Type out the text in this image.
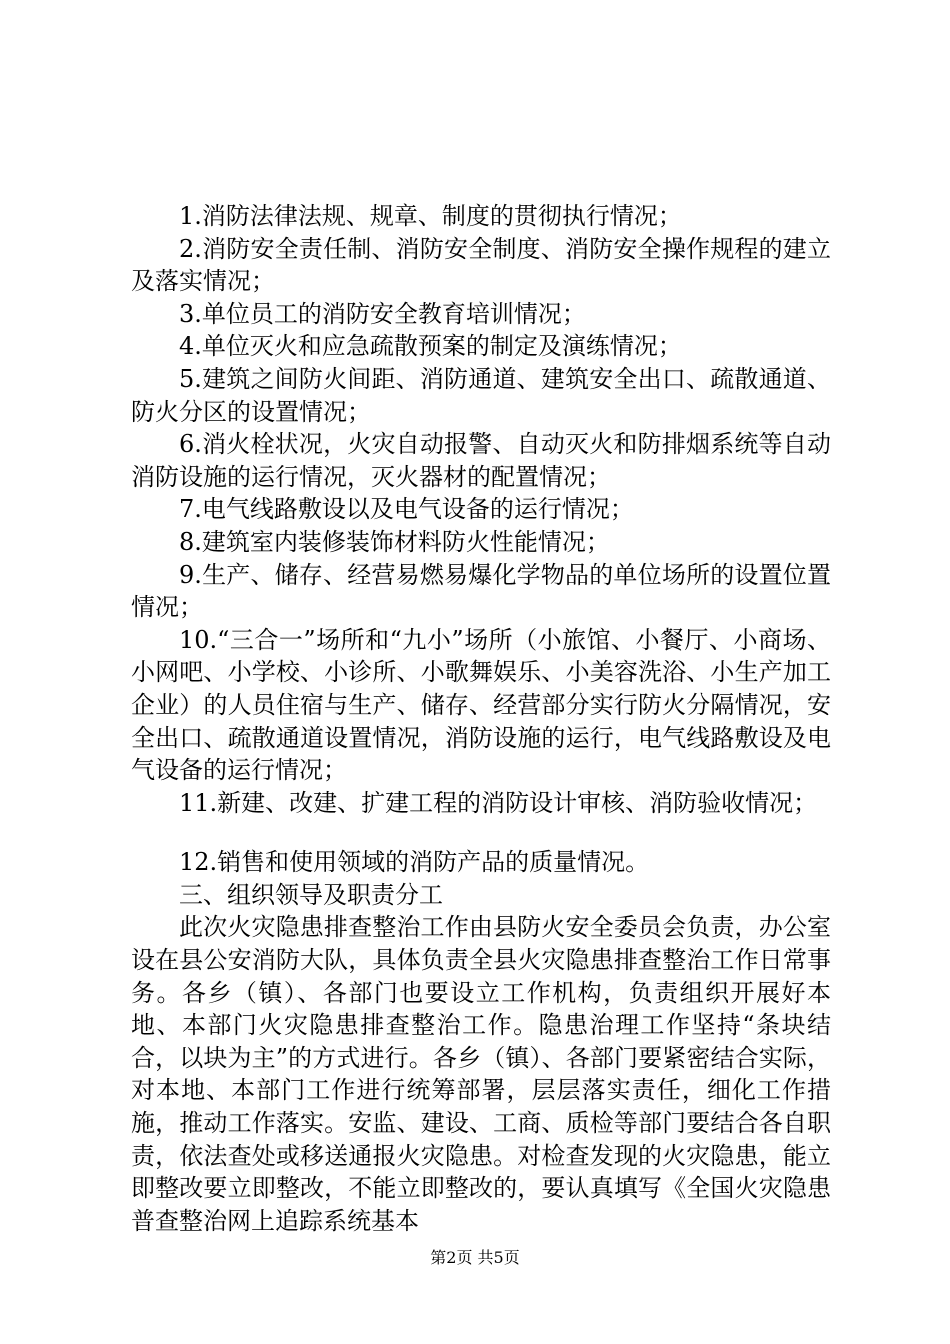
1.消防法律法规、规章、制度的贯彻执行情况；

2.消防安全责任制、消防安全制度、消防安全操作规程的建立及落实情况；

3.单位员工的消防安全教育培训情况；

4.单位灭火和应急疏散预案的制定及演练情况；

5.建筑之间防火间距、消防通道、建筑安全出口、疏散通道、防火分区的设置情况；

6.消火栓状况，火灾自动报警、自动灭火和防排烟系统等自动消防设施的运行情况，灭火器材的配置情况；

7.电气线路敷设以及电气设备的运行情况；

8.建筑室内装修装饰材料防火性能情况；

9.生产、储存、经营易燃易爆化学物品的单位场所的设置位置情况；

10.“三合一”场所和“九小”场所（小旅馆、小餐厅、小商场、小网吧、小学校、小诊所、小歌舞娱乐、小美容洗浴、小生产加工企业）的人员住宿与生产、储存、经营部分实行防火分隔情况，安全出口、疏散通道设置情况，消防设施的运行，电气线路敷设及电气设备的运行情况；

11.新建、改建、扩建工程的消防设计审核、消防验收情况；

12.销售和使用领域的消防产品的质量情况。

三、组织领导及职责分工

此次火灾隐患排查整治工作由县防火安全委员会负责，办公室设在县公安消防大队，具体负责全县火灾隐患排查整治工作日常事务。各乡（镇）、各部门也要设立工作机构，负责组织开展好本地、本部门火灾隐患排查整治工作。隐患治理工作坚持“条块结合，以块为主”的方式进行。各乡（镇）、各部门要紧密结合实际，对本地、本部门工作进行统筹部署，层层落实责任，细化工作措施，推动工作落实。安监、建设、工商、质检等部门要结合各自职责，依法查处或移送通报火灾隐患。对检查发现的火灾隐患，能立即整改要立即整改，不能立即整改的，要认真填写《全国火灾隐患普查整治网上追踪系统基本

第2页 共5页
